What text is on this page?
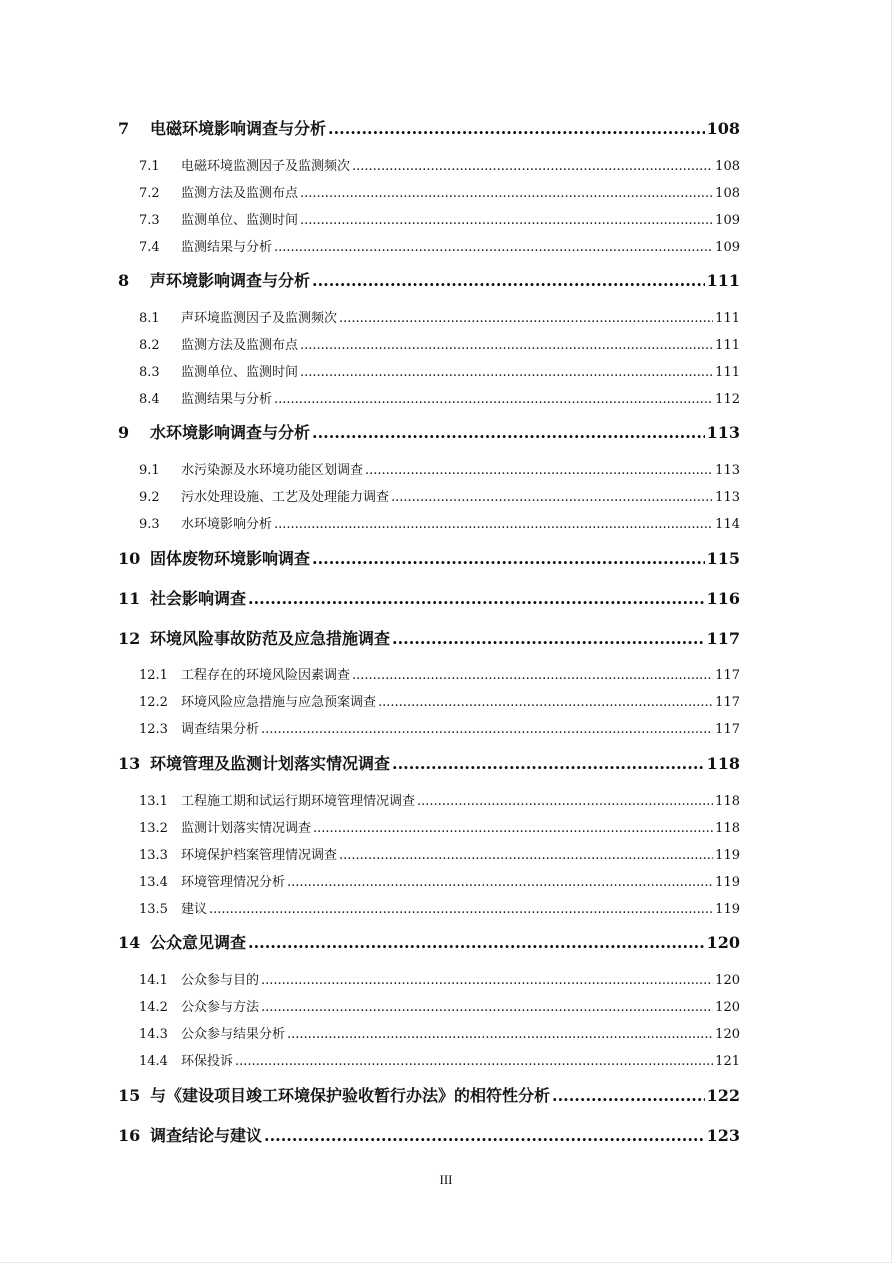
7	电磁环境影响调查与分析 .....	108
7.1	电磁环境监测因子及监测频次 .....	108
7.2	监测方法及监测布点 .....	108
7.3	监测单位、监测时间 .....	109
7.4	监测结果与分析 .....	109
8	声环境影响调查与分析 .....	111
8.1	声环境监测因子及监测频次 .....	111
8.2	监测方法及监测布点 .....	111
8.3	监测单位、监测时间 .....	111
8.4	监测结果与分析 .....	112
9	水环境影响调查与分析 .....	113
9.1	水污染源及水环境功能区划调查 .....	113
9.2	污水处理设施、工艺及处理能力调查 .....	113
9.3	水环境影响分析 .....	114
10 固体废物环境影响调查 .....	115
11 社会影响调查 .....	116
12 环境风险事故防范及应急措施调查 .....	117
12.1	工程存在的环境风险因素调查 .....	117
12.2	环境风险应急措施与应急预案调查 .....	117
12.3	调查结果分析 .....	117
13 环境管理及监测计划落实情况调查 .....	118
13.1	工程施工期和试运行期环境管理情况调查 .....	118
13.2	监测计划落实情况调查 .....	118
13.3	环境保护档案管理情况调查 .....	119
13.4	环境管理情况分析 .....	119
13.5	建议 .....	119
14 公众意见调查 .....	120
14.1	公众参与目的 .....	120
14.2	公众参与方法 .....	120
14.3	公众参与结果分析 .....	120
14.4	环保投诉 .....	121
15 与《建设项目竣工环境保护验收暂行办法》的相符性分析 .....	122
16 调查结论与建议 .....	123
III
